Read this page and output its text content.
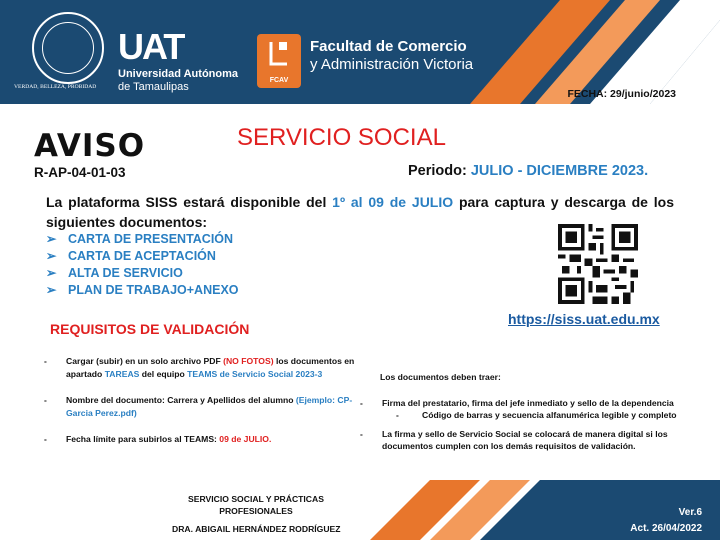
VERDAD, BELLEZA, PROBIDAD
UAT
Universidad Autónoma
de Tamaulipas
FCAV
Facultad de Comercio
y Administración Victoria
FECHA: 29/junio/2023
AVISO
R-AP-04-01-03
SERVICIO SOCIAL
Periodo: JULIO - DICIEMBRE 2023.
La plataforma SISS estará disponible del 1º al 09 de JULIO para captura y descarga de los siguientes documentos:
➢ CARTA DE PRESENTACIÓN
➢ CARTA DE ACEPTACIÓN
➢ ALTA DE SERVICIO
➢ PLAN DE TRABAJO+ANEXO
https://siss.uat.edu.mx
REQUISITOS DE VALIDACIÓN
- Cargar (subir) en un solo archivo PDF (NO FOTOS) los documentos en apartado TAREAS del equipo TEAMS de Servicio Social 2023-3
- Nombre del documento: Carrera y Apellidos del alumno (Ejemplo: CP-Garcia Perez.pdf)
- Fecha límite para subirlos al TEAMS: 09 de JULIO.
Los documentos deben traer:
- Firma del prestatario, firma del jefe inmediato y sello de la dependencia
-	Código de barras y secuencia alfanumérica legible y completo
- La firma y sello de Servicio Social se colocará de manera digital si los documentos cumplen con los demás requisitos de validación.
SERVICIO SOCIAL Y PRÁCTICAS PROFESIONALES
DRA. ABIGAIL HERNÁNDEZ RODRÍGUEZ
Ver.6
Act. 26/04/2022
